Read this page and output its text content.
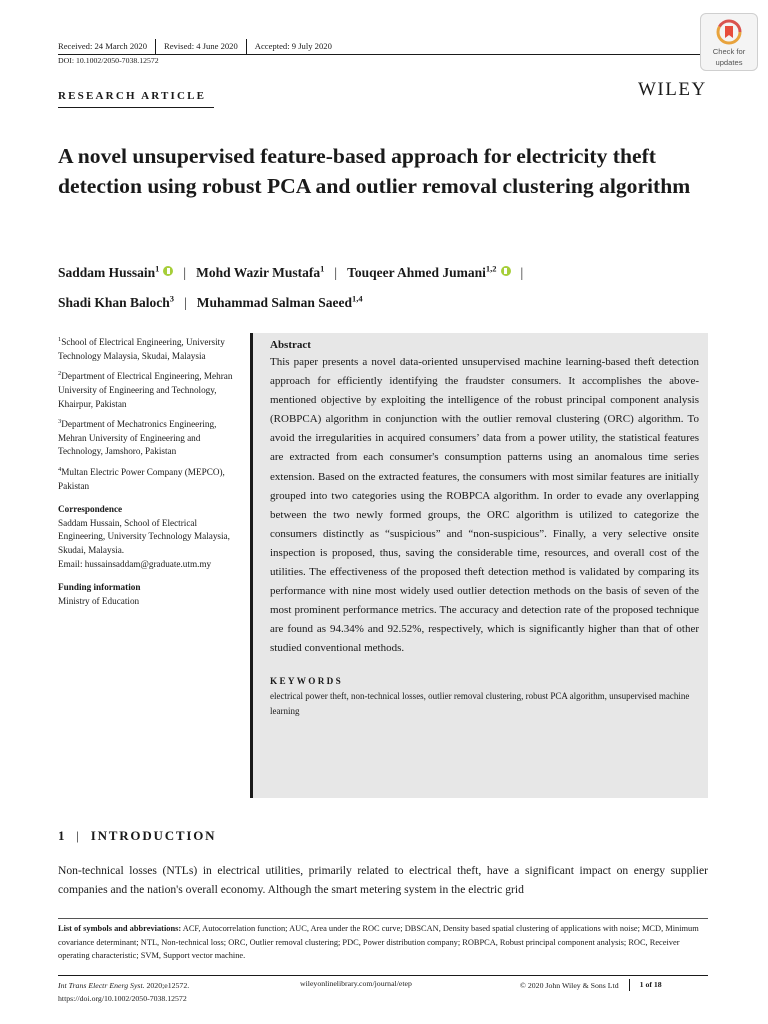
Received: 24 March 2020	Revised: 4 June 2020	Accepted: 9 July 2020
DOI: 10.1002/2050-7038.12572
Check for
updates
RESEARCH ARTICLE	WILEY
A novel unsupervised feature-based approach for electricity theft detection using robust PCA and outlier removal clustering algorithm
Saddam Hussain$^1$ | Mohd Wazir Mustafa$^1$ | Touqeer Ahmed Jumani$^{1,2}$ |
Shadi Khan Baloch$^3$ | Muhammad Salman Saeed$^{1,4}$

$^1$School of Electrical Engineering, University Technology Malaysia, Skudai, Malaysia

$^2$Department of Electrical Engineering, Mehran University of Engineering and Technology, Khairpur, Pakistan

$^3$Department of Mechatronics Engineering, Mehran University of Engineering and Technology, Jamshoro, Pakistan

$^4$Multan Electric Power Company (MEPCO), Pakistan

Correspondence

Saddam Hussain, School of Electrical Engineering, University Technology Malaysia, Skudai, Malaysia.
Email: hussainsaddam@graduate.utm.my

Funding information

Ministry of Education

Abstract
This paper presents a novel data-oriented unsupervised machine learning-based theft detection approach for efficiently identifying the fraudster consumers. It accomplishes the above-mentioned objective by exploiting the intelligence of the robust principal component analysis (ROBPCA) algorithm in conjunction with the outlier removal clustering (ORC) algorithm. To avoid the irregularities in acquired consumers’ data from a power utility, the statistical features are extracted from each consumer's consumption patterns using an anomalous time series extension. Based on the extracted features, the consumers with most similar features are initially grouped into two categories using the ROBPCA algorithm. In order to evade any overlapping between the two newly formed groups, the ORC algorithm is utilized to categorize the consumers distinctly as “suspicious” and “non-suspicious”. Finally, a very selective onsite inspection is proposed, thus, saving the considerable time, resources, and overall cost of the utilities. The effectiveness of the proposed theft detection method is validated by comparing its performance with nine most widely used outlier detection methods on the basis of seven of the most prominent performance metrics. The accuracy and detection rate of the proposed technique are found as 94.34% and 92.52%, respectively, which is significantly higher than that of other studied conventional methods.
KEYWORDS
electrical power theft, non-technical losses, outlier removal clustering, robust PCA algorithm, unsupervised machine learning
1 | INTRODUCTION
Non-technical losses (NTLs) in electrical utilities, primarily related to electrical theft, have a significant impact on energy supplier companies and the nation's overall economy. Although the smart metering system in the electric grid
List of symbols and abbreviations: ACF, Autocorrelation function; AUC, Area under the ROC curve; DBSCAN, Density based spatial clustering of applications with noise; MCD, Minimum covariance determinant; NTL, Non-technical loss; ORC, Outlier removal clustering; PDC, Power distribution company; ROBPCA, Robust principal component analysis; ROC, Receiver operating characteristic; SVM, Support vector machine.
Int Trans Electr Energ Syst. 2020;e12572.
https://doi.org/10.1002/2050-7038.12572
wileyonlinelibrary.com/journal/etep	© 2020 John Wiley & Sons Ltd	1 of 18
